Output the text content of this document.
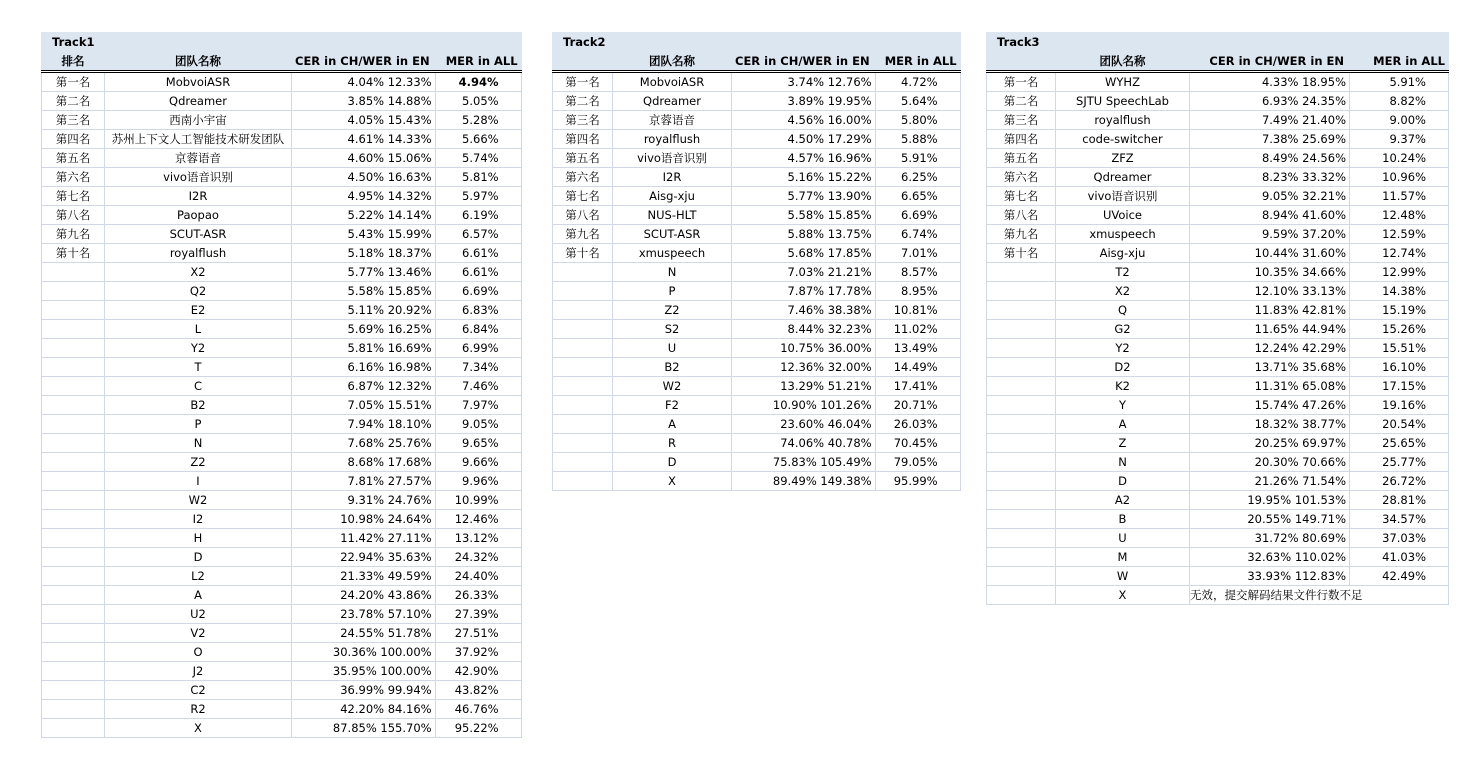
Track1			
排名	团队名称	CER in CH/WER in EN	MER in ALL
第一名	MobvoiASR	4.04% 12.33%	4.94%
第二名	Qdreamer	3.85% 14.88%	5.05%
第三名	西南小宇宙	4.05% 15.43%	5.28%
第四名	苏州上下文人工智能技术研发团队	4.61% 14.33%	5.66%
第五名	京蓉语音	4.60% 15.06%	5.74%
第六名	vivo语音识别	4.50% 16.63%	5.81%
第七名	I2R	4.95% 14.32%	5.97%
第八名	Paopao	5.22% 14.14%	6.19%
第九名	SCUT-ASR	5.43% 15.99%	6.57%
第十名	royalflush	5.18% 18.37%	6.61%
	X2	5.77% 13.46%	6.61%
	Q2	5.58% 15.85%	6.69%
	E2	5.11% 20.92%	6.83%
	L	5.69% 16.25%	6.84%
	Y2	5.81% 16.69%	6.99%
	T	6.16% 16.98%	7.34%
	C	6.87% 12.32%	7.46%
	B2	7.05% 15.51%	7.97%
	P	7.94% 18.10%	9.05%
	N	7.68% 25.76%	9.65%
	Z2	8.68% 17.68%	9.66%
	I	7.81% 27.57%	9.96%
	W2	9.31% 24.76%	10.99%
	I2	10.98% 24.64%	12.46%
	H	11.42% 27.11%	13.12%
	D	22.94% 35.63%	24.32%
	L2	21.33% 49.59%	24.40%
	A	24.20% 43.86%	26.33%
	U2	23.78% 57.10%	27.39%
	V2	24.55% 51.78%	27.51%
	O	30.36% 100.00%	37.92%
	J2	35.95% 100.00%	42.90%
	C2	36.99% 99.94%	43.82%
	R2	42.20% 84.16%	46.76%
	X	87.85% 155.70%	95.22%
Track2			
	团队名称	CER in CH/WER in EN	MER in ALL
第一名	MobvoiASR	3.74% 12.76%	4.72%
第二名	Qdreamer	3.89% 19.95%	5.64%
第三名	京蓉语音	4.56% 16.00%	5.80%
第四名	royalflush	4.50% 17.29%	5.88%
第五名	vivo语音识别	4.57% 16.96%	5.91%
第六名	I2R	5.16% 15.22%	6.25%
第七名	Aisg-xju	5.77% 13.90%	6.65%
第八名	NUS-HLT	5.58% 15.85%	6.69%
第九名	SCUT-ASR	5.88% 13.75%	6.74%
第十名	xmuspeech	5.68% 17.85%	7.01%
	N	7.03% 21.21%	8.57%
	P	7.87% 17.78%	8.95%
	Z2	7.46% 38.38%	10.81%
	S2	8.44% 32.23%	11.02%
	U	10.75% 36.00%	13.49%
	B2	12.36% 32.00%	14.49%
	W2	13.29% 51.21%	17.41%
	F2	10.90% 101.26%	20.71%
	A	23.60% 46.04%	26.03%
	R	74.06% 40.78%	70.45%
	D	75.83% 105.49%	79.05%
	X	89.49% 149.38%	95.99%
Track3			
	团队名称	CER in CH/WER in EN	MER in ALL
第一名	WYHZ	4.33% 18.95%	5.91%
第二名	SJTU SpeechLab	6.93% 24.35%	8.82%
第三名	royalflush	7.49% 21.40%	9.00%
第四名	code-switcher	7.38% 25.69%	9.37%
第五名	ZFZ	8.49% 24.56%	10.24%
第六名	Qdreamer	8.23% 33.32%	10.96%
第七名	vivo语音识别	9.05% 32.21%	11.57%
第八名	UVoice	8.94% 41.60%	12.48%
第九名	xmuspeech	9.59% 37.20%	12.59%
第十名	Aisg-xju	10.44% 31.60%	12.74%
	T2	10.35% 34.66%	12.99%
	X2	12.10% 33.13%	14.38%
	Q	11.83% 42.81%	15.19%
	G2	11.65% 44.94%	15.26%
	Y2	12.24% 42.29%	15.51%
	D2	13.71% 35.68%	16.10%
	K2	11.31% 65.08%	17.15%
	Y	15.74% 47.26%	19.16%
	A	18.32% 38.77%	20.54%
	Z	20.25% 69.97%	25.65%
	N	20.30% 70.66%	25.77%
	D	21.26% 71.54%	26.72%
	A2	19.95% 101.53%	28.81%
	B	20.55% 149.71%	34.57%
	U	31.72% 80.69%	37.03%
	M	32.63% 110.02%	41.03%
	W	33.93% 112.83%	42.49%
	X	无效，提交解码结果文件行数不足	
